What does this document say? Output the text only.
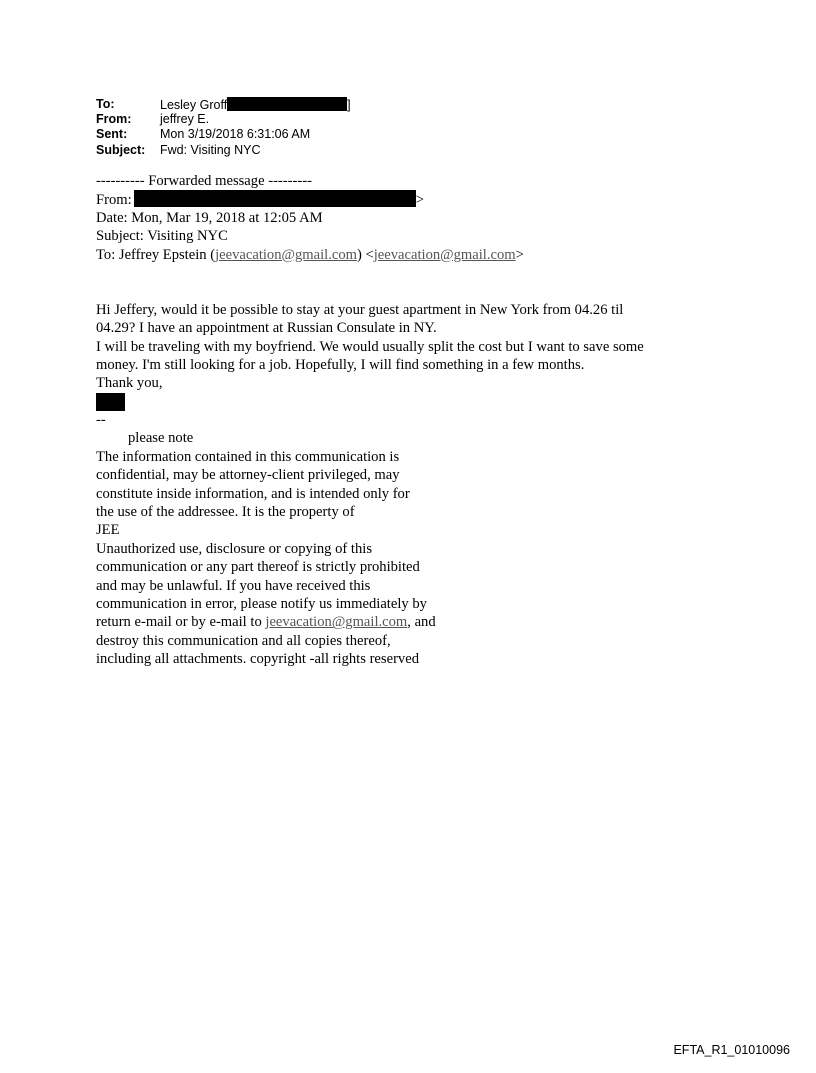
To:	Lesley Groff	]
From: jeffrey E.
Sent:	Mon 3/19/2018 6:31:06 AM
Subject: Fwd: Visiting NYC
---------- Forwarded message ---------
From:	>
Date: Mon, Mar 19, 2018 at 12:05 AM
Subject: Visiting NYC
To: Jeffrey Epstein (jeevacation@gmail.com) <jeevacation@gmail.com>
Hi Jeffery, would it be possible to stay at your guest apartment in New York from 04.26 til
04.29? I have an appointment at Russian Consulate in NY.
I will be traveling with my boyfriend. We would usually split the cost but I want to save some
money. I'm still looking for a job. Hopefully, I will find something in a few months.
Thank you,
--
please note
The information contained in this communication is
confidential, may be attorney-client privileged, may
constitute inside information, and is intended only for
the use of the addressee. It is the property of
JEE
Unauthorized use, disclosure or copying of this
communication or any part thereof is strictly prohibited
and may be unlawful. If you have received this
communication in error, please notify us immediately by
return e-mail or by e-mail to jeevacation@gmail.com, and
destroy this communication and all copies thereof,
including all attachments. copyright -all rights reserved
EFTA_R1_01010096
